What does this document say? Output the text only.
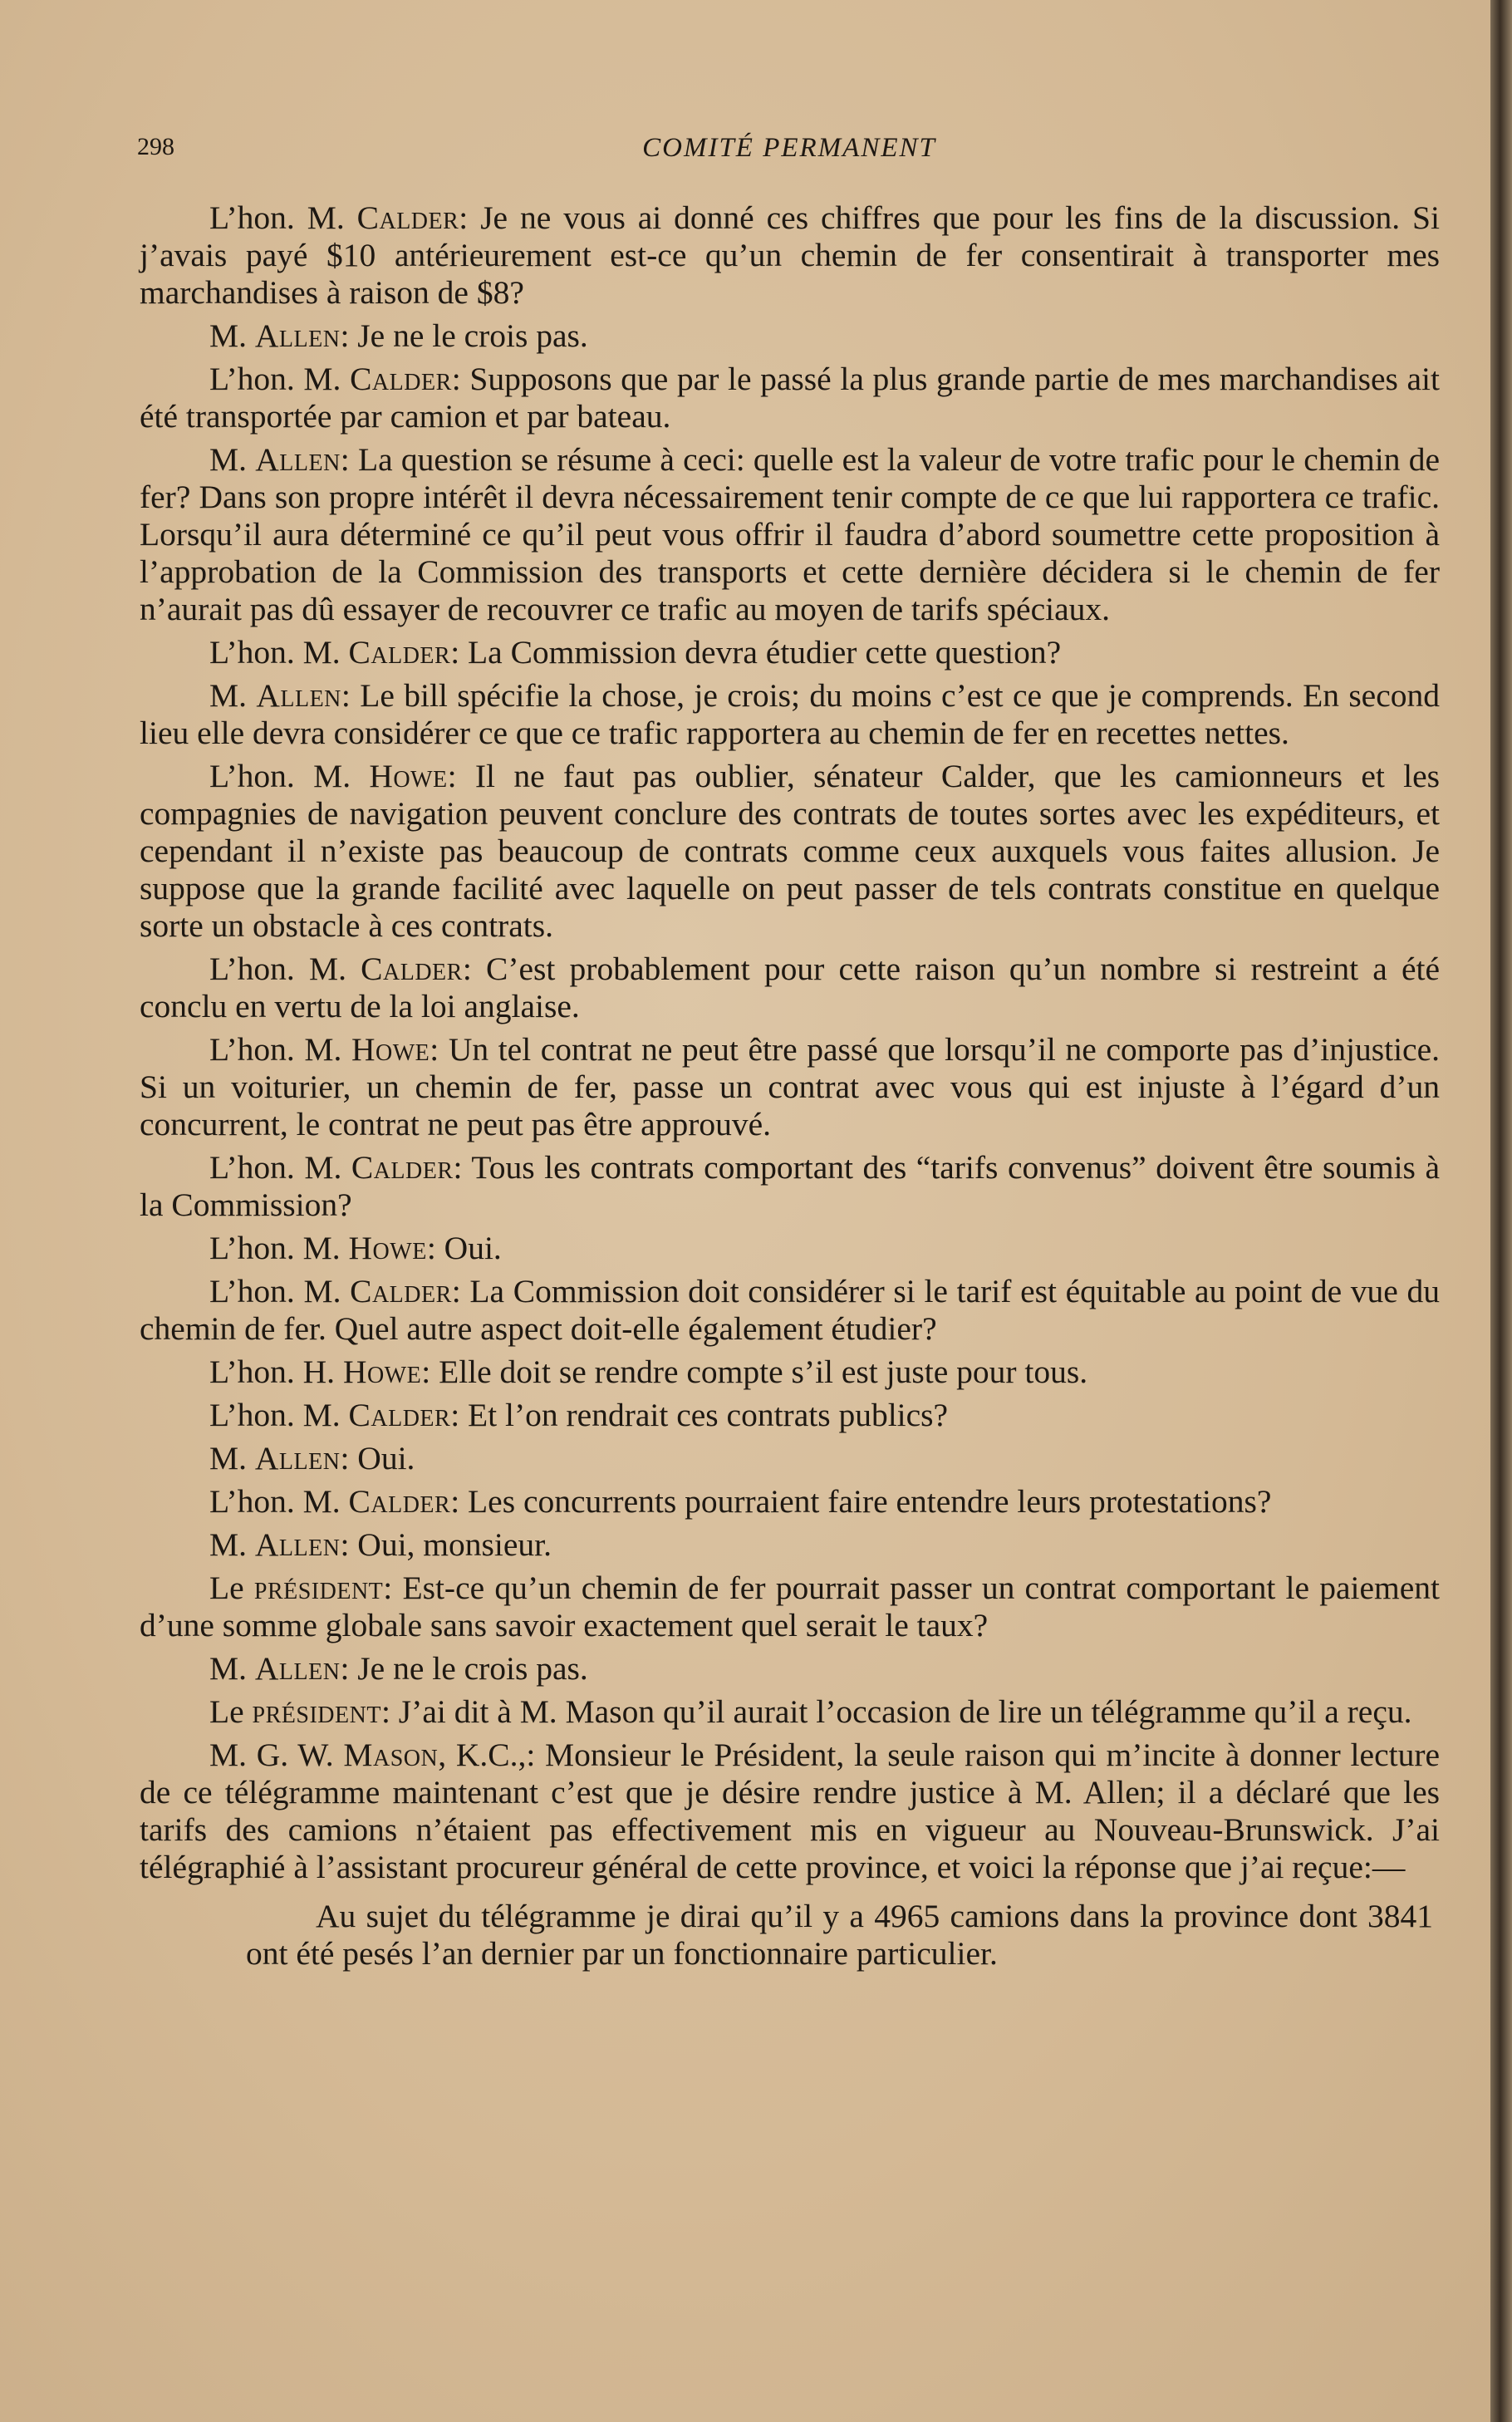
298	COMITÉ PERMANENT

L’hon. M. Calder: Je ne vous ai donné ces chiffres que pour les fins de la discussion. Si j’avais payé $10 antérieurement est-ce qu’un chemin de fer consentirait à transporter mes marchandises à raison de $8?

M. Allen: Je ne le crois pas.

L’hon. M. Calder: Supposons que par le passé la plus grande partie de mes marchandises ait été transportée par camion et par bateau.

M. Allen: La question se résume à ceci: quelle est la valeur de votre trafic pour le chemin de fer? Dans son propre intérêt il devra nécessairement tenir compte de ce que lui rapportera ce trafic. Lorsqu’il aura déterminé ce qu’il peut vous offrir il faudra d’abord soumettre cette proposition à l’approbation de la Commission des transports et cette dernière décidera si le chemin de fer n’aurait pas dû essayer de recouvrer ce trafic au moyen de tarifs spéciaux.

L’hon. M. Calder: La Commission devra étudier cette question?

M. Allen: Le bill spécifie la chose, je crois; du moins c’est ce que je comprends. En second lieu elle devra considérer ce que ce trafic rapportera au chemin de fer en recettes nettes.

L’hon. M. Howe: Il ne faut pas oublier, sénateur Calder, que les camionneurs et les compagnies de navigation peuvent conclure des contrats de toutes sortes avec les expéditeurs, et cependant il n’existe pas beaucoup de contrats comme ceux auxquels vous faites allusion. Je suppose que la grande facilité avec laquelle on peut passer de tels contrats constitue en quelque sorte un obstacle à ces contrats.

L’hon. M. Calder: C’est probablement pour cette raison qu’un nombre si restreint a été conclu en vertu de la loi anglaise.

L’hon. M. Howe: Un tel contrat ne peut être passé que lorsqu’il ne comporte pas d’injustice. Si un voiturier, un chemin de fer, passe un contrat avec vous qui est injuste à l’égard d’un concurrent, le contrat ne peut pas être approuvé.

L’hon. M. Calder: Tous les contrats comportant des “tarifs convenus” doivent être soumis à la Commission?

L’hon. M. Howe: Oui.

L’hon. M. Calder: La Commission doit considérer si le tarif est équitable au point de vue du chemin de fer. Quel autre aspect doit-elle également étudier?

L’hon. H. Howe: Elle doit se rendre compte s’il est juste pour tous.

L’hon. M. Calder: Et l’on rendrait ces contrats publics?

M. Allen: Oui.

L’hon. M. Calder: Les concurrents pourraient faire entendre leurs protestations?

M. Allen: Oui, monsieur.

Le président: Est-ce qu’un chemin de fer pourrait passer un contrat comportant le paiement d’une somme globale sans savoir exactement quel serait le taux?

M. Allen: Je ne le crois pas.

Le président: J’ai dit à M. Mason qu’il aurait l’occasion de lire un télégramme qu’il a reçu.

M. G. W. Mason, K.C.,: Monsieur le Président, la seule raison qui m’incite à donner lecture de ce télégramme maintenant c’est que je désire rendre justice à M. Allen; il a déclaré que les tarifs des camions n’étaient pas effectivement mis en vigueur au Nouveau-Brunswick. J’ai télégraphié à l’assistant procureur général de cette province, et voici la réponse que j’ai reçue:—

Au sujet du télégramme je dirai qu’il y a 4965 camions dans la province dont 3841 ont été pesés l’an dernier par un fonctionnaire particulier.
